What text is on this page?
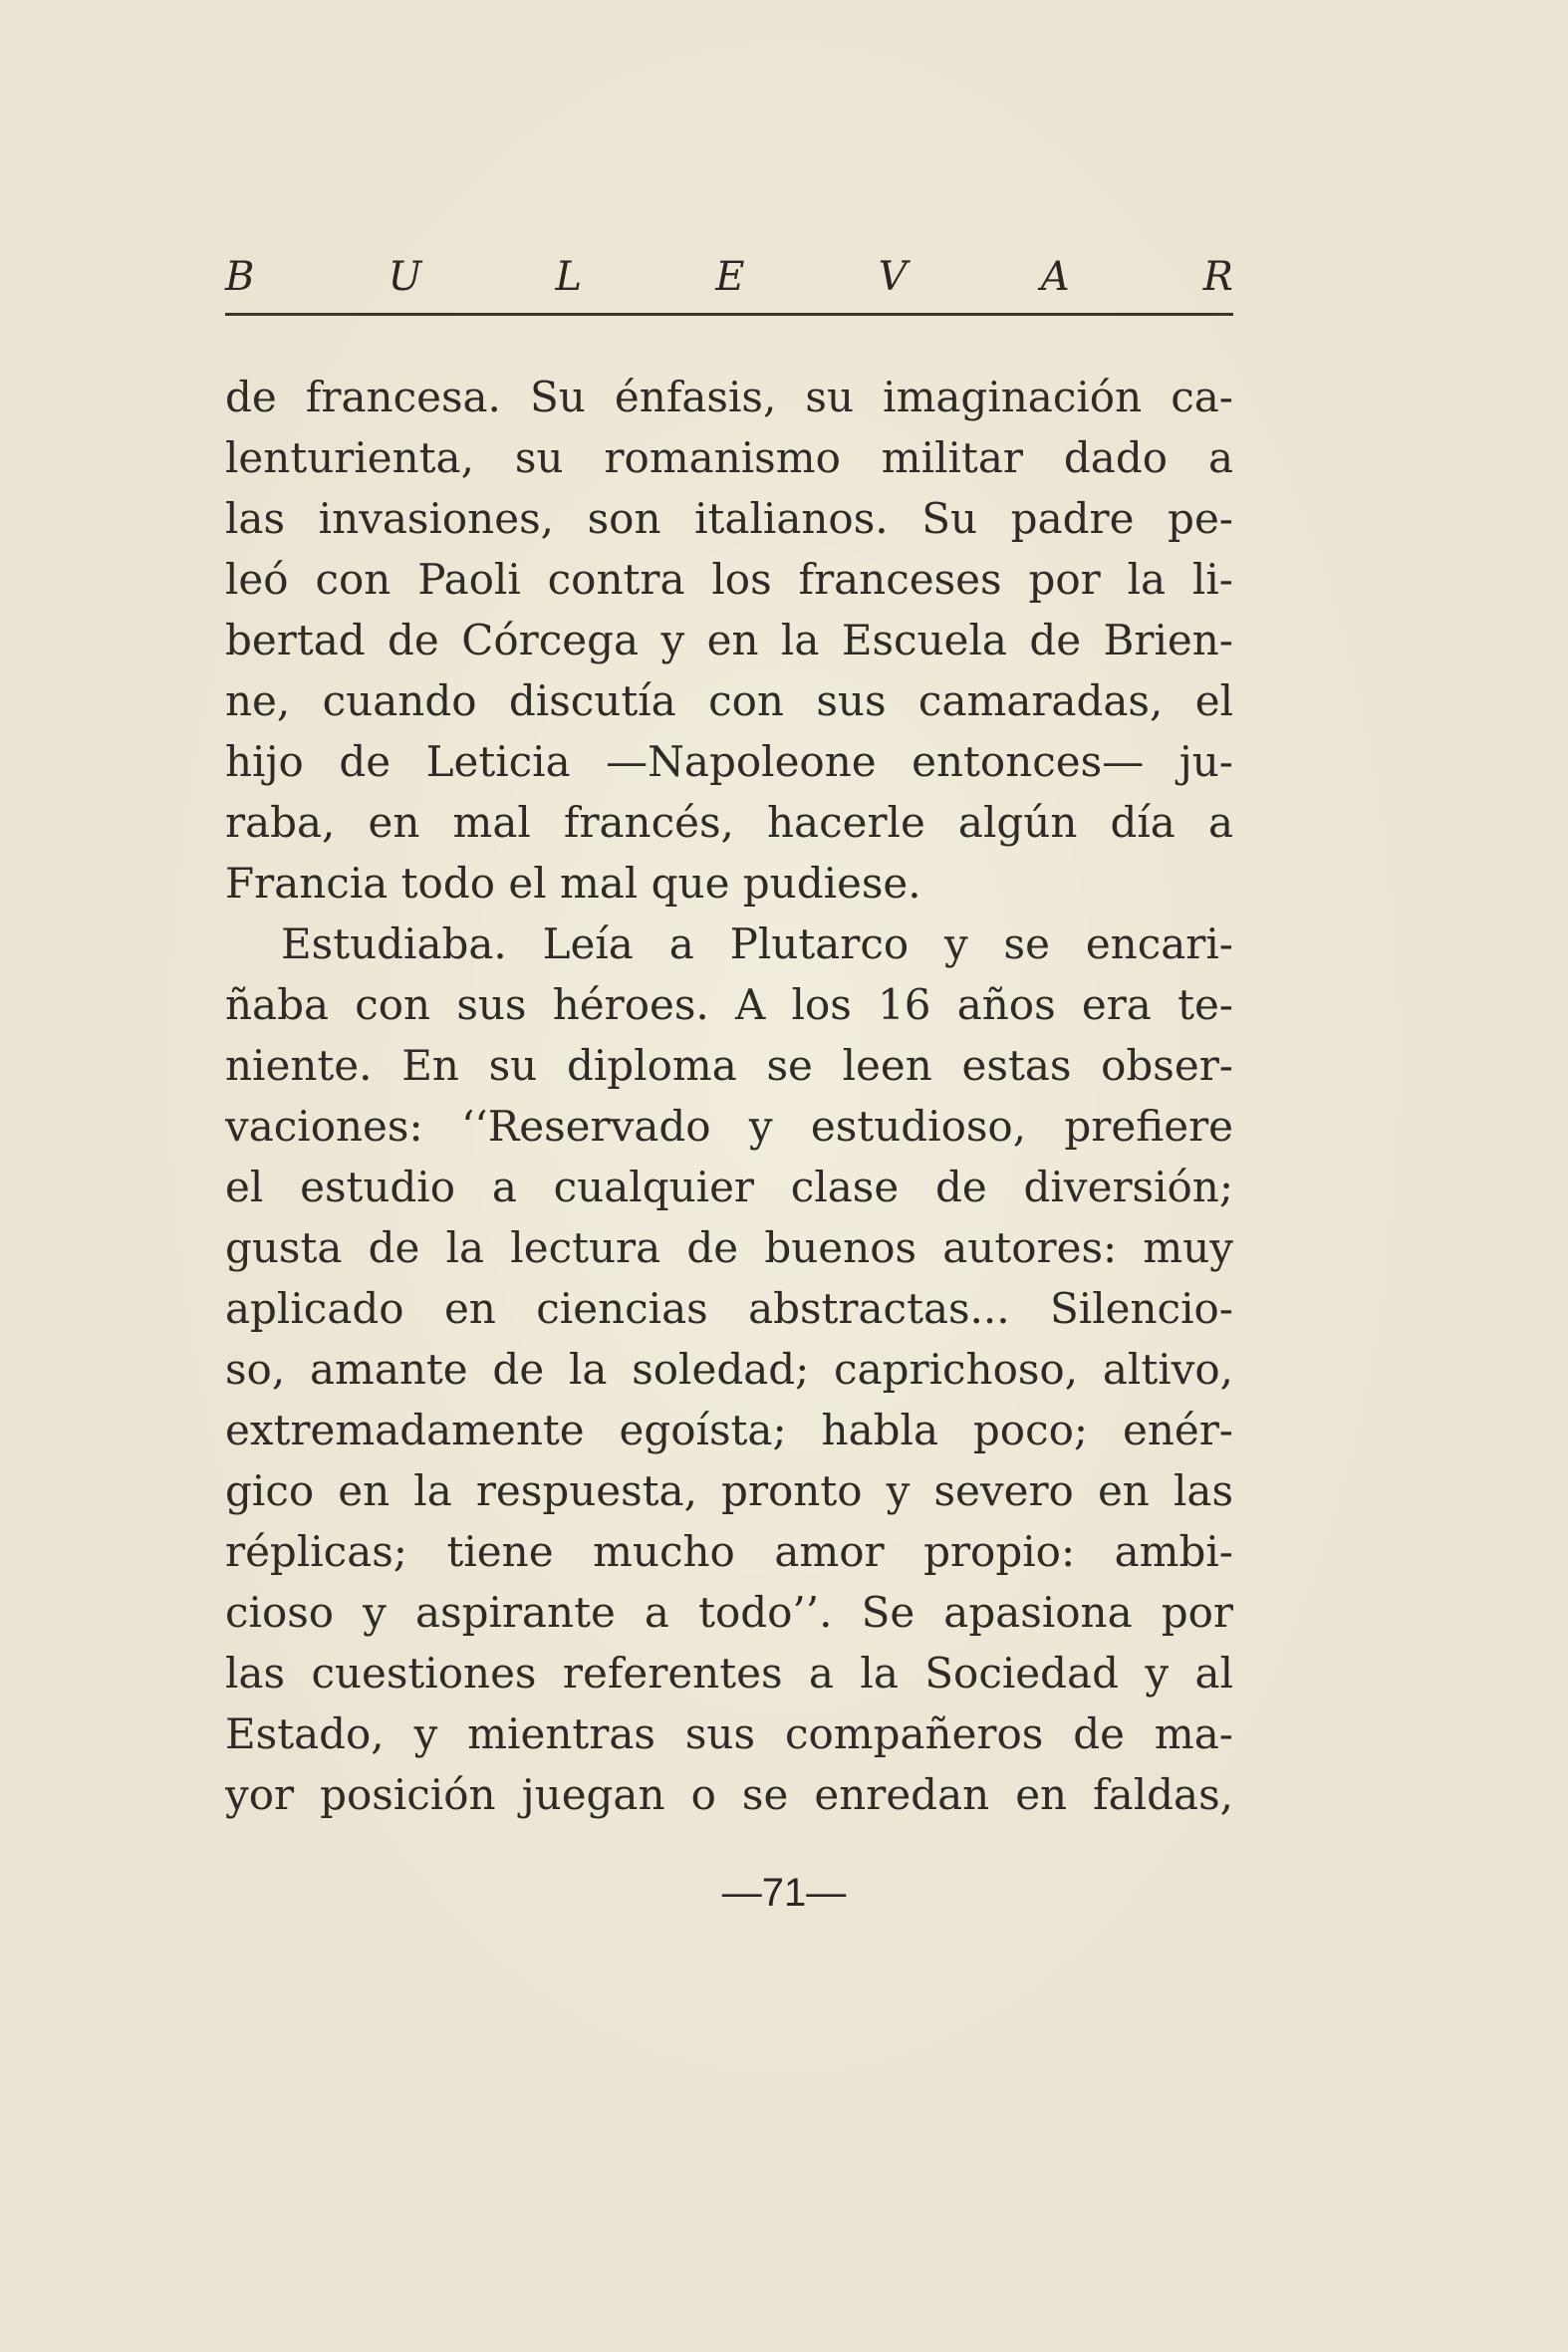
B	U	L	E	V	A	R
de francesa. Su énfasis, su imaginación ca-
lenturienta, su romanismo militar dado a
las invasiones, son italianos. Su padre pe-
leó con Paoli contra los franceses por la li-
bertad de Córcega y en la Escuela de Brien-
ne, cuando discutía con sus camaradas, el
hijo de Leticia —Napoleone entonces— ju-
raba, en mal francés, hacerle algún día a
Francia todo el mal que pudiese.
Estudiaba. Leía a Plutarco y se encari-
ñaba con sus héroes. A los 16 años era te-
niente. En su diploma se leen estas obser-
vaciones: ‘‘Reservado y estudioso, prefiere
el estudio a cualquier clase de diversión;
gusta de la lectura de buenos autores: muy
aplicado en ciencias abstractas... Silencio-
so, amante de la soledad; caprichoso, altivo,
extremadamente egoísta; habla poco; enér-
gico en la respuesta, pronto y severo en las
réplicas; tiene mucho amor propio: ambi-
cioso y aspirante a todo’’. Se apasiona por
las cuestiones referentes a la Sociedad y al
Estado, y mientras sus compañeros de ma-
yor posición juegan o se enredan en faldas,
—71—
